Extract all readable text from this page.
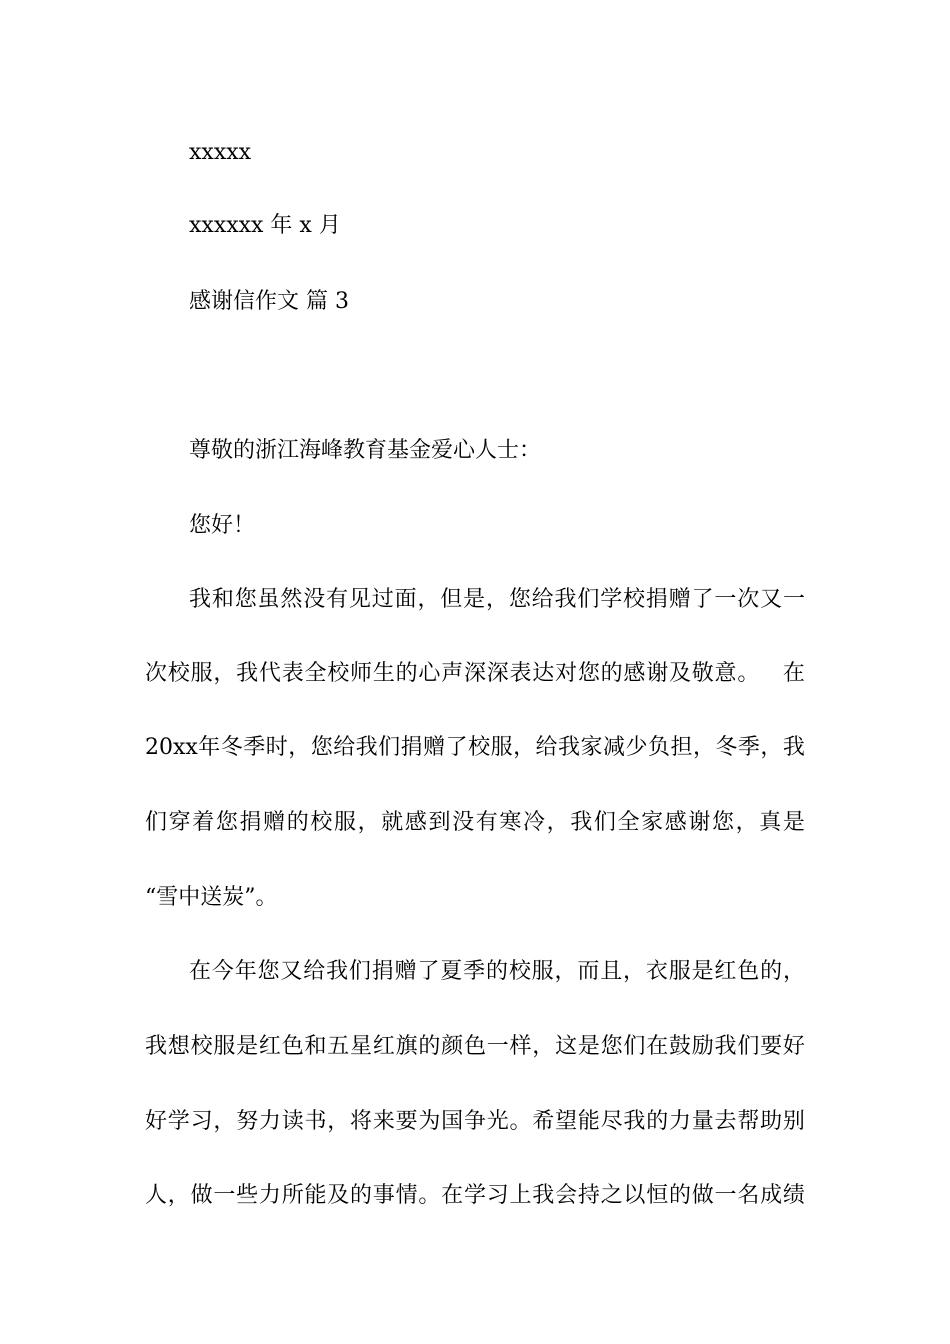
xxxxx
xxxxxx 年 x 月
感谢信作文 篇 3
尊敬的浙江海峰教育基金爱心人士：
您好！
我 和 您 虽 然 没 有 见 过 面 ， 但 是 ， 您 给 我 们 学 校 捐 赠 了 一 次 又 一
次 校 服 ， 我 代 表 全 校 师 生 的 心 声 深 深 表 达 对 您 的 感 谢 及 敬 意 。
　 在
20xx 年 冬 季 时 ， 您 给 我 们 捐 赠 了 校 服 ， 给 我 家 减 少 负 担 ， 冬 季 ， 我
们 穿 着 您 捐 赠 的 校 服 ， 就 感 到 没 有 寒 冷 ， 我 们 全 家 感 谢 您 ， 真 是
“雪中送炭”。
在 今 年 您 又 给 我 们 捐 赠 了 夏 季 的 校 服 ， 而 且 ， 衣 服 是 红 色 的 ，
我 想 校 服 是 红 色 和 五 星 红 旗 的 颜 色 一 样 ， 这 是 您 们 在 鼓 励 我 们 要 好
好 学 习 ， 努 力 读 书 ， 将 来 要 为 国 争 光 。 希 望 能 尽 我 的 力 量 去 帮 助 别
人 ， 做 一 些 力 所 能 及 的 事 情 。 在 学 习 上 我 会 持 之 以 恒 的 做 一 名 成 绩
